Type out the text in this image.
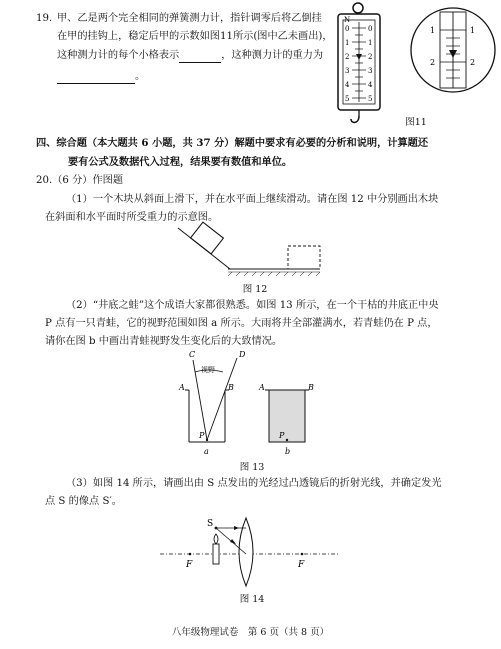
19. 甲、乙是两个完全相同的弹簧测力计，指针调零后将乙倒挂
在甲的挂钩上，稳定后甲的示数如图11所示(图中乙未画出)，
这种测力计的每个小格表示	，这种测力计的重力为
。
N
0
1
2
3
4
5
0
1
2
3
4
5
1	1
2	2
图11
四、综合题（本大题共 6 小题，共 37 分）解题中要求有必要的分析和说明，计算题还
要有公式及数据代入过程，结果要有数值和单位。
20.（6 分）作图题
（1）一个木块从斜面上滑下，并在水平面上继续滑动。请在图 12 中分别画出木块
在斜面和水平面时所受重力的示意图。
图 12
（2）“井底之蛙”这个成语大家都很熟悉。如图 13 所示，在一个干枯的井底正中央
P 点有一只青蛙，它的视野范围如图 a 所示。大雨将井全部灌满水，若青蛙仍在 P 点，
请你在图 b 中画出青蛙视野发生变化后的大致情况。
C	D
视野
A	B
P
a
A	B
P
b
图 13
（3）如图 14 所示，请画出由 S 点发出的光经过凸透镜后的折射光线，并确定发光
点 S 的像点 S′。
F	F
S
图 14
八年级物理试卷　第 6 页（共 8 页）
